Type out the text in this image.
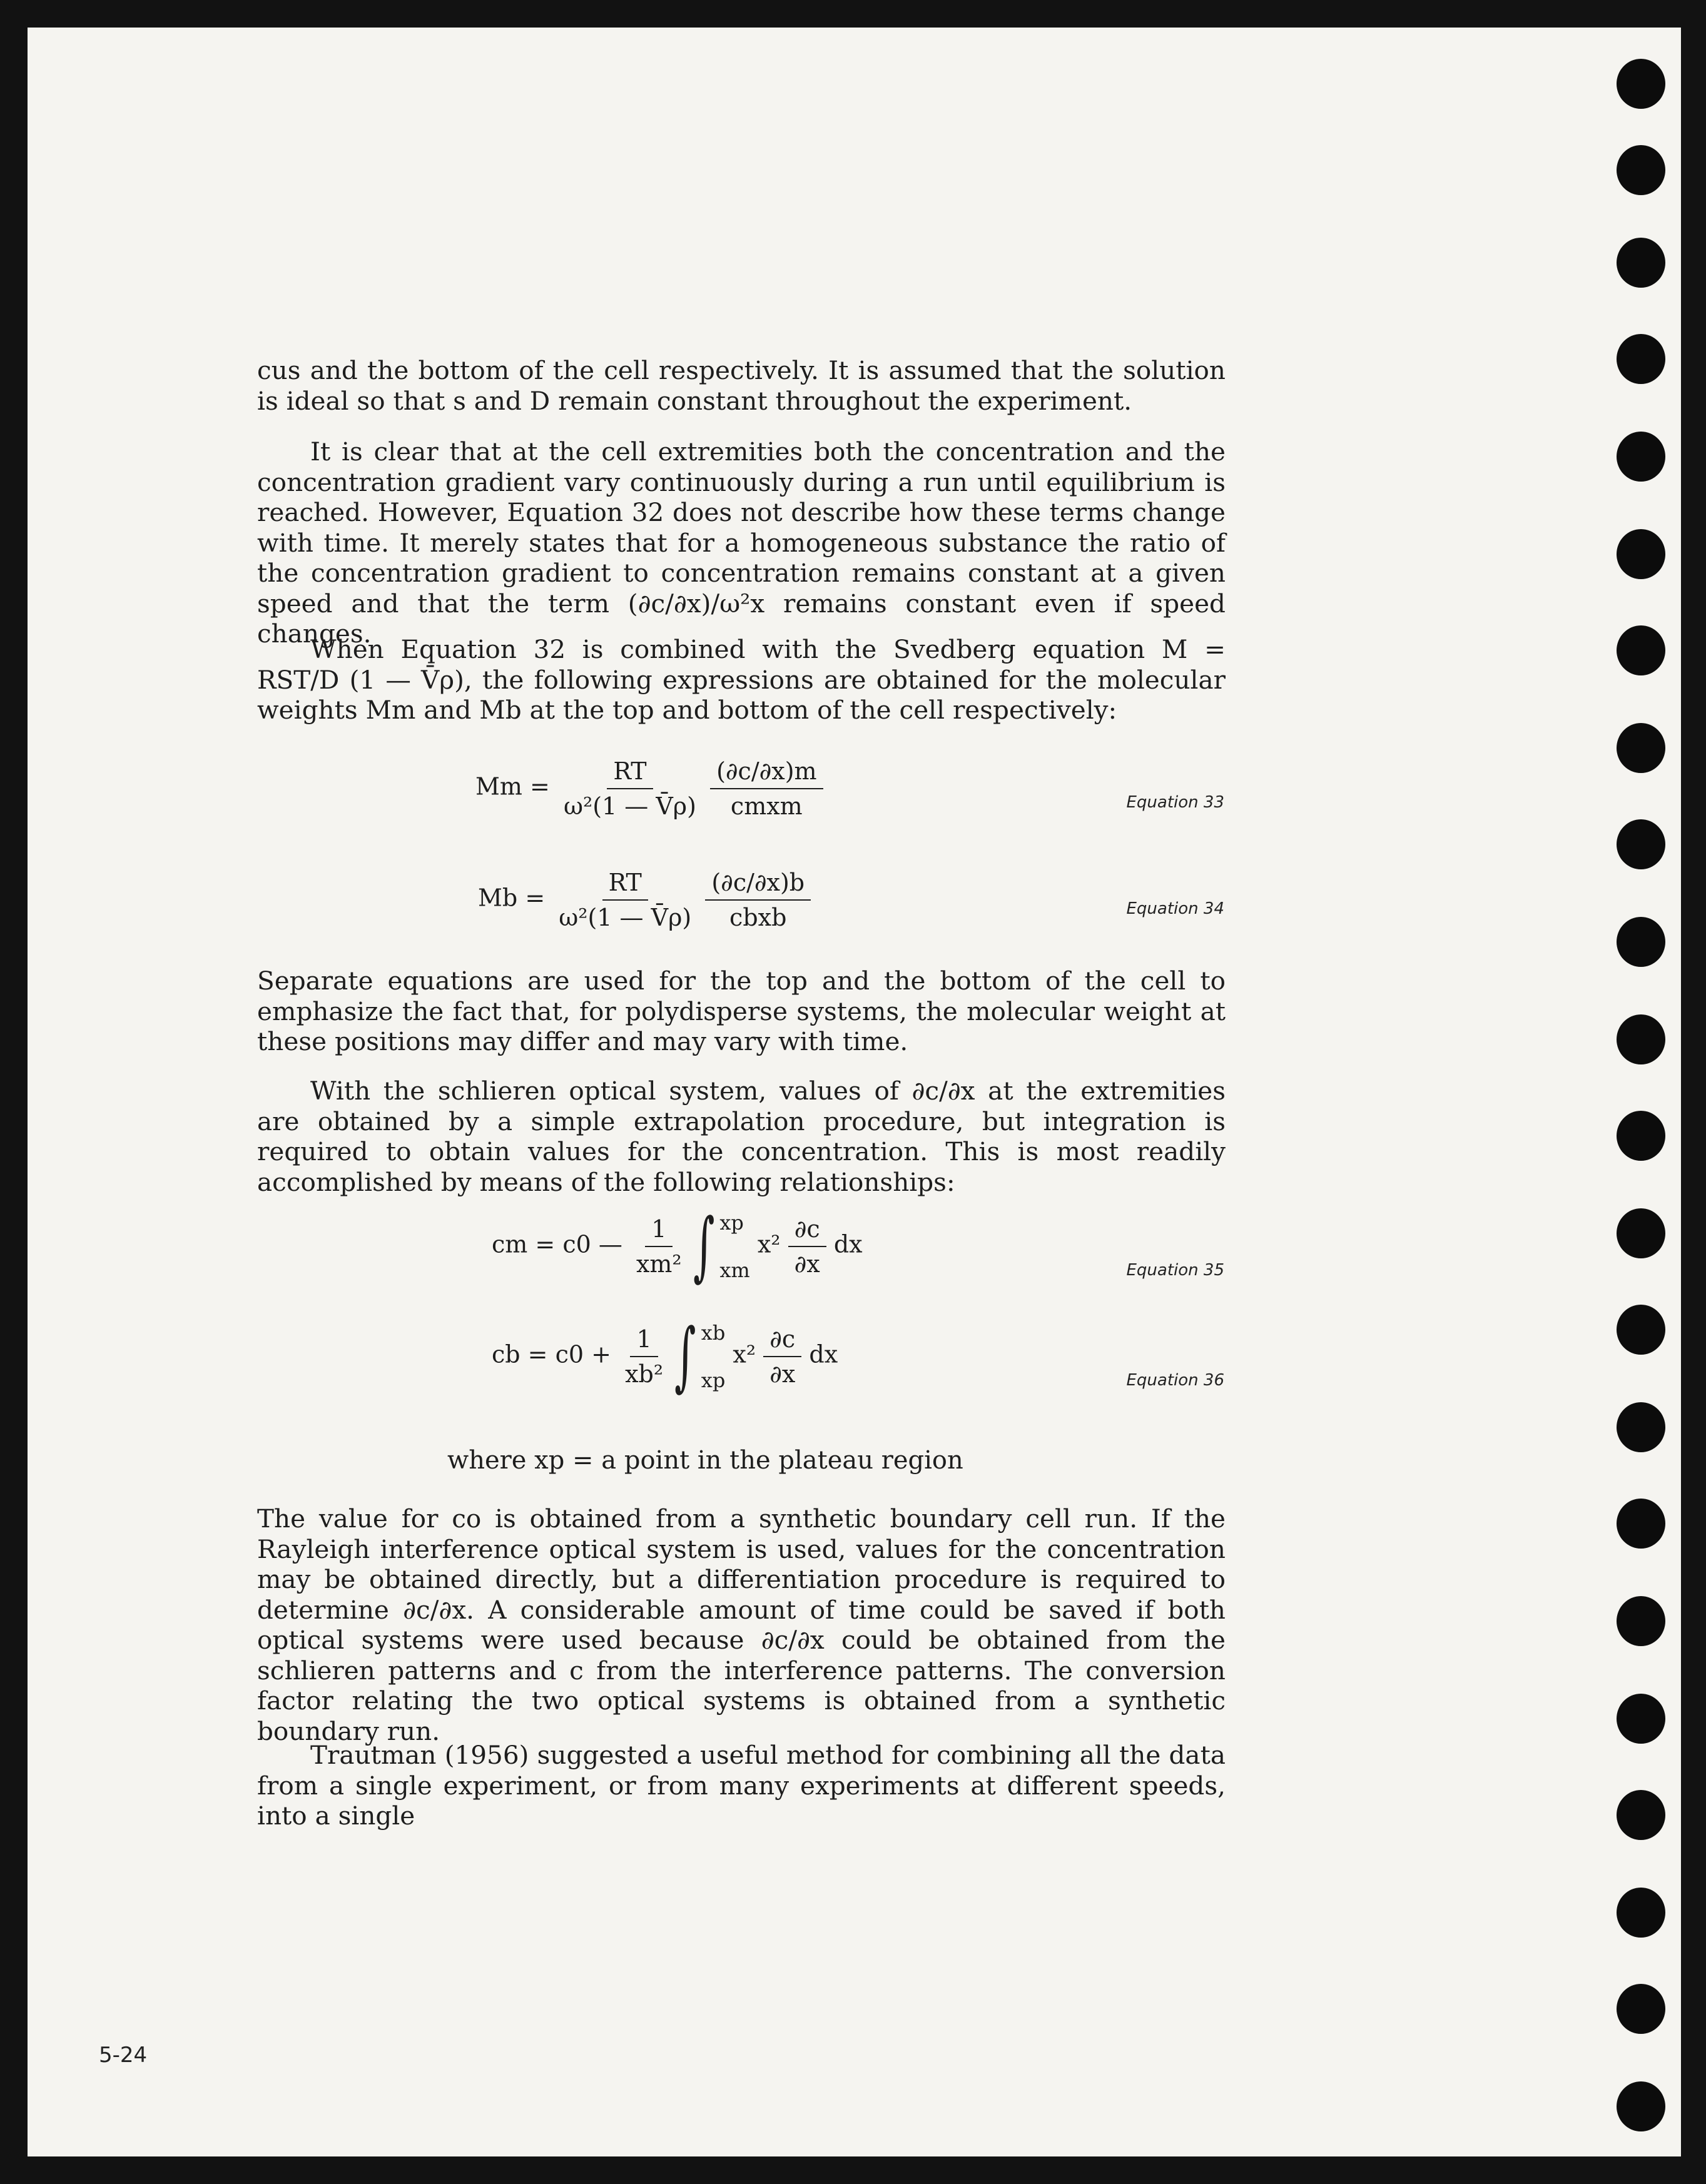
cus and the bottom of the cell respectively. It is assumed that the solution is ideal so that s and D remain constant throughout the experiment.

It is clear that at the cell extremities both the concentration and the concentration gradient vary continuously during a run until equilibrium is reached. However, Equation 32 does not describe how these terms change with time. It merely states that for a homogeneous substance the ratio of the concentration gradient to concentration remains constant at a given speed and that the term (∂c/∂x)/ω²x remains constant even if speed changes.

When Equation 32 is combined with the Svedberg equation M = RST/D (1 — V̄ρ), the following expressions are obtained for the molecular weights Mm and Mb at the top and bottom of the cell respectively:

$Mm = \frac{RT}{\text{ω²(1 — V̄ρ)}}$
$\frac{(\partial c/\partial x)m}{\text{cmxm}}$	Equation 33
$Mb = \frac{RT}{\text{ω²(1 — V̄ρ)}}$
$\frac{(\partial c/\partial x)b}{\text{cbxb}}$	Equation 34

Separate equations are used for the top and the bottom of the cell to emphasize the fact that, for polydisperse systems, the molecular weight at these positions may differ and may vary with time.

With the schlieren optical system, values of ∂c/∂x at the extremities are obtained by a simple extrapolation procedure, but integration is required to obtain values for the concentration. This is most readily accomplished by means of the following relationships:

cm = c0 — $\frac{1}{\text{xm²}}$ ∫ xp
xm
$x^2 \frac{\partial c}{\partial x}$ dx
Equation 35
cb = $c0 + \frac{1}{\text{xb²}}$ ∫ xb
xp
$x^2 \frac{\partial c}{\partial x}$ dx
Equation 36
where xp = a point in the plateau region

The value for co is obtained from a synthetic boundary cell run. If the Rayleigh interference optical system is used, values for the concentration may be obtained directly, but a differentiation procedure is required to determine ∂c/∂x. A considerable amount of time could be saved if both optical systems were used because ∂c/∂x could be obtained from the schlieren patterns and c from the interference patterns. The conversion factor relating the two optical systems is obtained from a synthetic boundary run.

Trautman (1956) suggested a useful method for combining all the data from a single experiment, or from many experiments at different speeds, into a single

5-24
